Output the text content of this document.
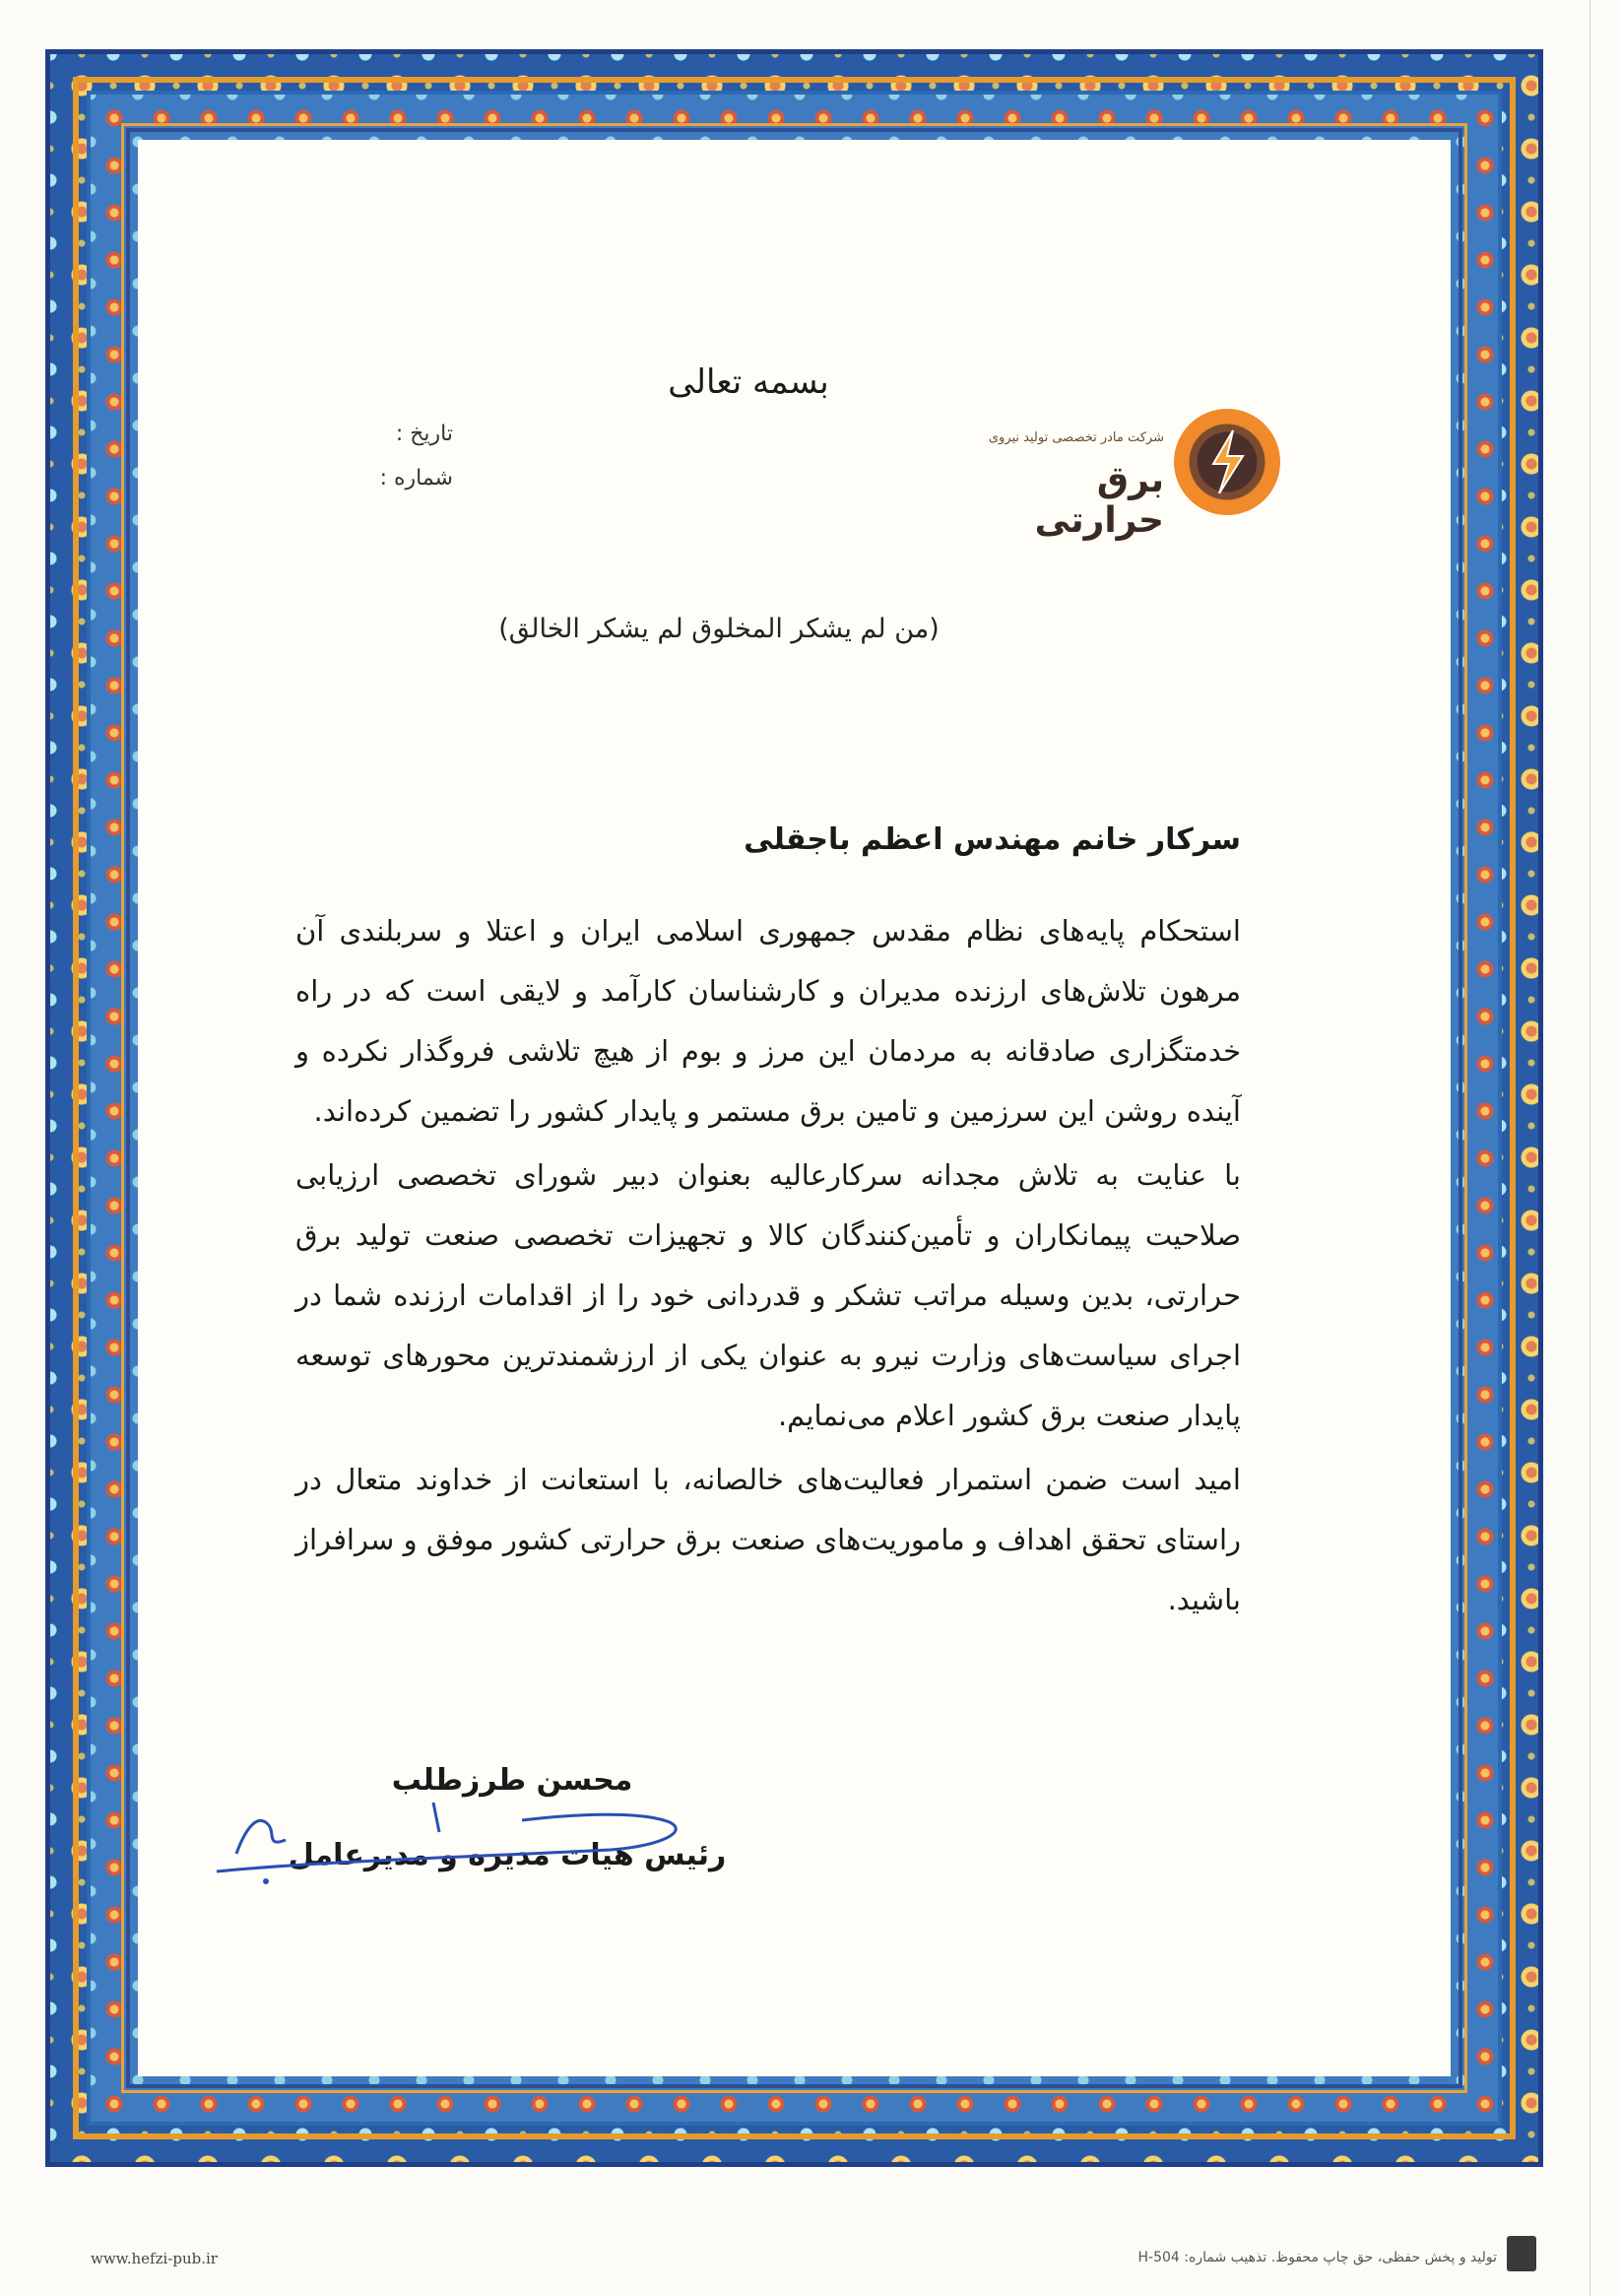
بسمه تعالی
تاریخ :
شماره :
شرکت مادر تخصصی تولید نیروی
برق حرارتی
(من لم یشکر المخلوق لم یشکر الخالق)
سرکار خانم مهندس اعظم باجقلی

استحکام پایه‌های نظام مقدس جمهوری اسلامی ایران و اعتلا و سربلندی آن مرهون تلاش‌های ارزنده مدیران و کارشناسان کارآمد و لایقی است که در راه خدمتگزاری صادقانه به مردمان این مرز و بوم از هیچ تلاشی فروگذار نکرده و آینده روشن این سرزمین و تامین برق مستمر و پایدار کشور را تضمین کرده‌اند.

با عنایت به تلاش مجدانه سرکارعالیه بعنوان دبیر شورای تخصصی ارزیابی صلاحیت پیمانکاران و تأمین‌کنندگان کالا و تجهیزات تخصصی صنعت تولید برق حرارتی، بدین وسیله مراتب تشکر و قدردانی خود را از اقدامات ارزنده شما در اجرای سیاست‌های وزارت نیرو به عنوان یکی از ارزشمندترین محورهای توسعه پایدار صنعت برق کشور اعلام می‌نمایم.

امید است ضمن استمرار فعالیت‌های خالصانه، با استعانت از خداوند متعال در راستای تحقق اهداف و ماموریت‌های صنعت برق حرارتی کشور موفق و سرافراز باشید.

محسن طرزطلب
رئیس هیات مدیره و مدیرعامل
www.hefzi-pub.ir	تولید و پخش حفظی، حق چاپ محفوظ. تذهیب شماره: H-504
